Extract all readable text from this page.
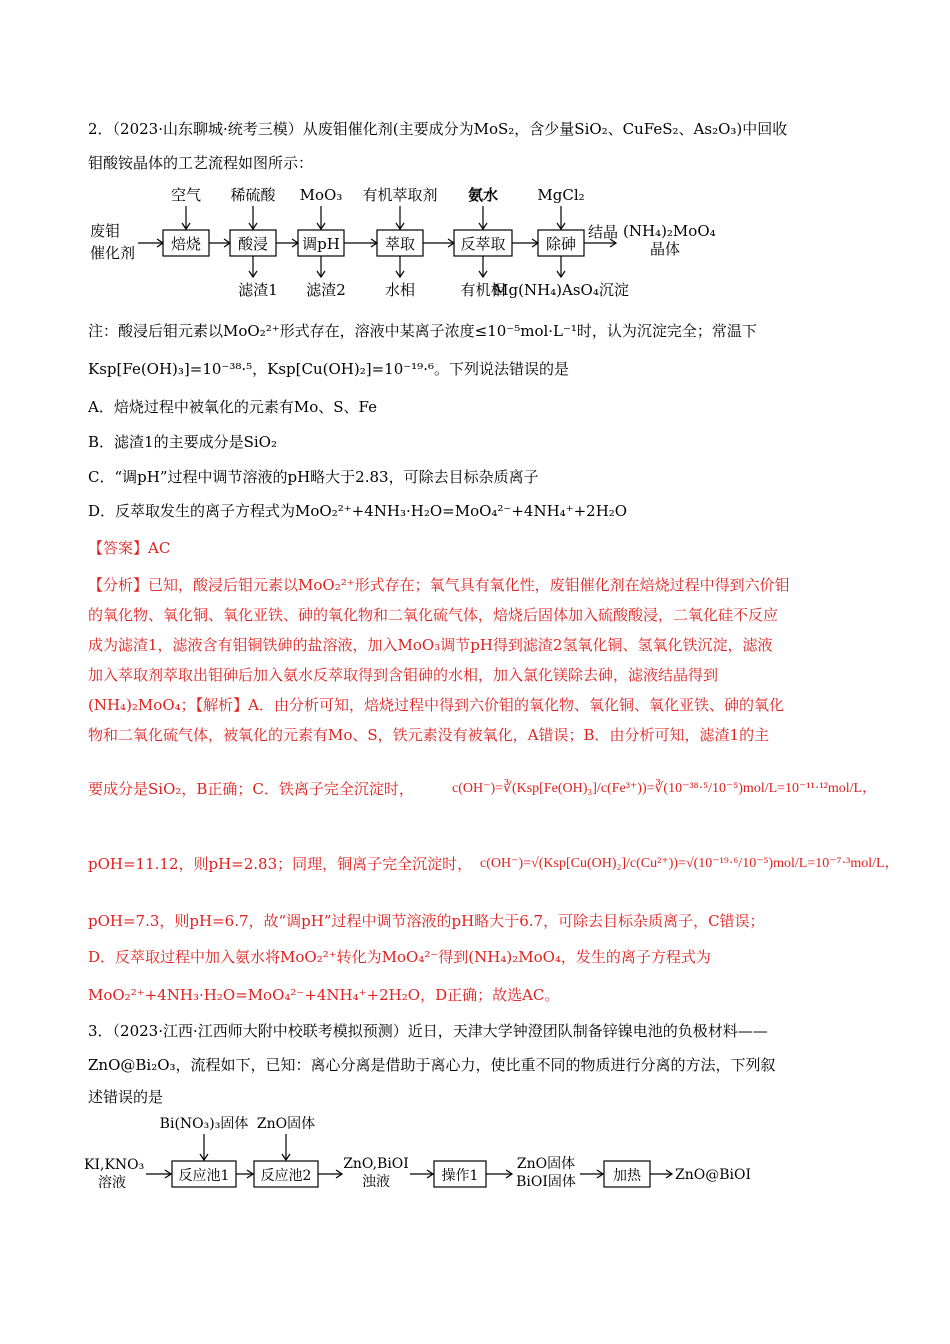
2．（2023·山东聊城·统考三模）从废钼催化剂(主要成分为MoS₂，含少量SiO₂、CuFeS₂、As₂O₃)中回收
钼酸铵晶体的工艺流程如图所示：
废钼
催化剂 焙烧 酸浸 调pH	萃取	反萃取	除砷
空气 稀硫酸 MoO₃ 有机萃取剂 氨水	MgCl₂
滤渣1 滤渣2	水相	有机相
Mg(NH₄)AsO₄沉淀
结晶 (NH₄)₂MoO₄
晶体
注：酸浸后钼元素以MoO₂²⁺形式存在，溶液中某离子浓度≤10⁻⁵mol·L⁻¹时，认为沉淀完全；常温下
Ksp[Fe(OH)₃]=10⁻³⁸·⁵，Ksp[Cu(OH)₂]=10⁻¹⁹·⁶。下列说法错误的是
A．焙烧过程中被氧化的元素有Mo、S、Fe
B．滤渣1的主要成分是SiO₂
C．“调pH”过程中调节溶液的pH略大于2.83，可除去目标杂质离子
D．反萃取发生的离子方程式为MoO₂²⁺+4NH₃·H₂O=MoO₄²⁻+4NH₄⁺+2H₂O
【答案】AC
【分析】已知，酸浸后钼元素以MoO₂²⁺形式存在；氧气具有氧化性，废钼催化剂在焙烧过程中得到六价钼
的氧化物、氧化铜、氧化亚铁、砷的氧化物和二氧化硫气体，焙烧后固体加入硫酸酸浸，二氧化硅不反应
成为滤渣1，滤液含有钼铜铁砷的盐溶液，加入MoO₃调节pH得到滤渣2氢氧化铜、氢氧化铁沉淀，滤液
加入萃取剂萃取出钼砷后加入氨水反萃取得到含钼砷的水相，加入氯化镁除去砷，滤液结晶得到
(NH₄)₂MoO₄；【解析】A．由分析可知，焙烧过程中得到六价钼的氧化物、氧化铜、氧化亚铁、砷的氧化
物和二氧化硫气体，被氧化的元素有Mo、S，铁元素没有被氧化，A错误；B．由分析可知，滤渣1的主
要成分是SiO₂，B正确；C．铁离子完全沉淀时，	c(OH⁻)=∛(Ksp[Fe(OH)₃]/c(Fe³⁺))=∛(10⁻³⁸·⁵/10⁻⁵)mol/L=10⁻¹¹·¹²mol/L，
pOH=11.12，则pH=2.83；同理，铜离子完全沉淀时， c(OH⁻)=√(Ksp[Cu(OH)₂]/c(Cu²⁺))=√(10⁻¹⁹·⁶/10⁻⁵)mol/L=10⁻⁷·³mol/L，
pOH=7.3，则pH=6.7，故“调pH”过程中调节溶液的pH略大于6.7，可除去目标杂质离子，C错误；
D．反萃取过程中加入氨水将MoO₂²⁺转化为MoO₄²⁻得到(NH₄)₂MoO₄，发生的离子方程式为
MoO₂²⁺+4NH₃·H₂O=MoO₄²⁻+4NH₄⁺+2H₂O，D正确；故选AC。
3．（2023·江西·江西师大附中校联考模拟预测）近日，天津大学钟澄团队制备锌镍电池的负极材料——
ZnO@Bi₂O₃，流程如下，已知：离心分离是借助于离心力，使比重不同的物质进行分离的方法，下列叙
述错误的是
KI,KNO₃
溶液	反应池1 反应池2	操作1	加热
Bi(NO₃)₃固体 ZnO固体
ZnO,BiOI
浊液
ZnO固体
BiOI固体	ZnO@BiOI
